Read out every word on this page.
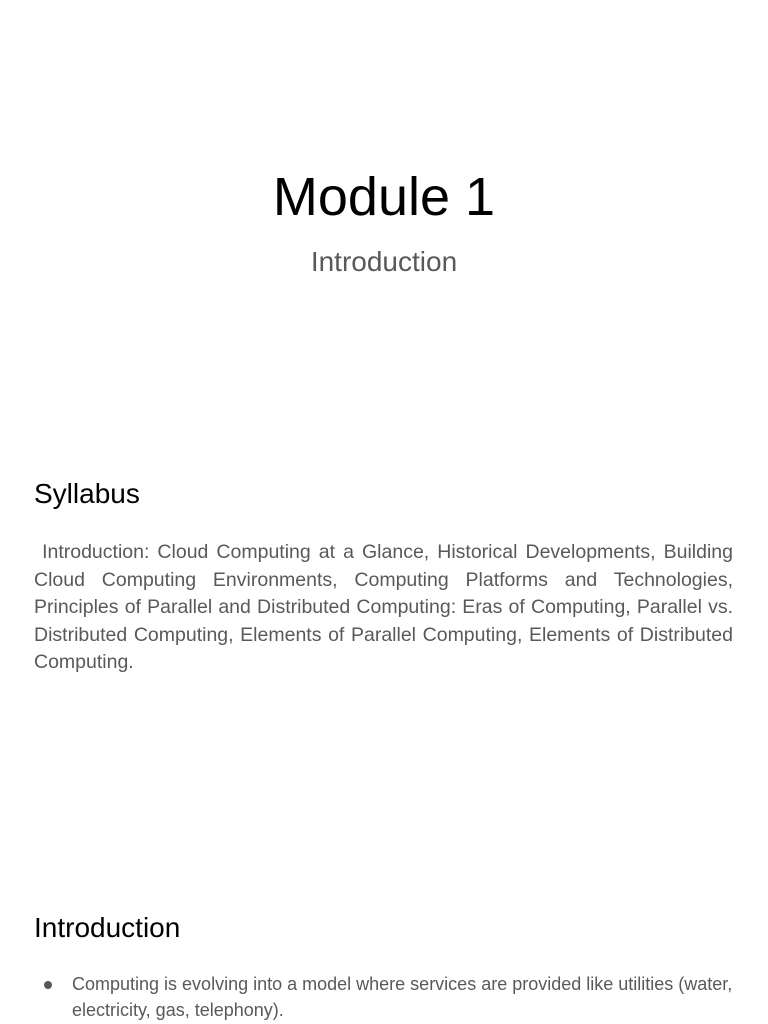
Module 1
Introduction
Syllabus

Introduction: Cloud Computing at a Glance, Historical Developments, Building Cloud Computing Environments, Computing Platforms and Technologies, Principles of Parallel and Distributed Computing: Eras of Computing, Parallel vs. Distributed Computing, Elements of Parallel Computing, Elements of Distributed Computing.

Introduction
Computing is evolving into a model where services are provided like utilities (water, electricity, gas, telephony).
